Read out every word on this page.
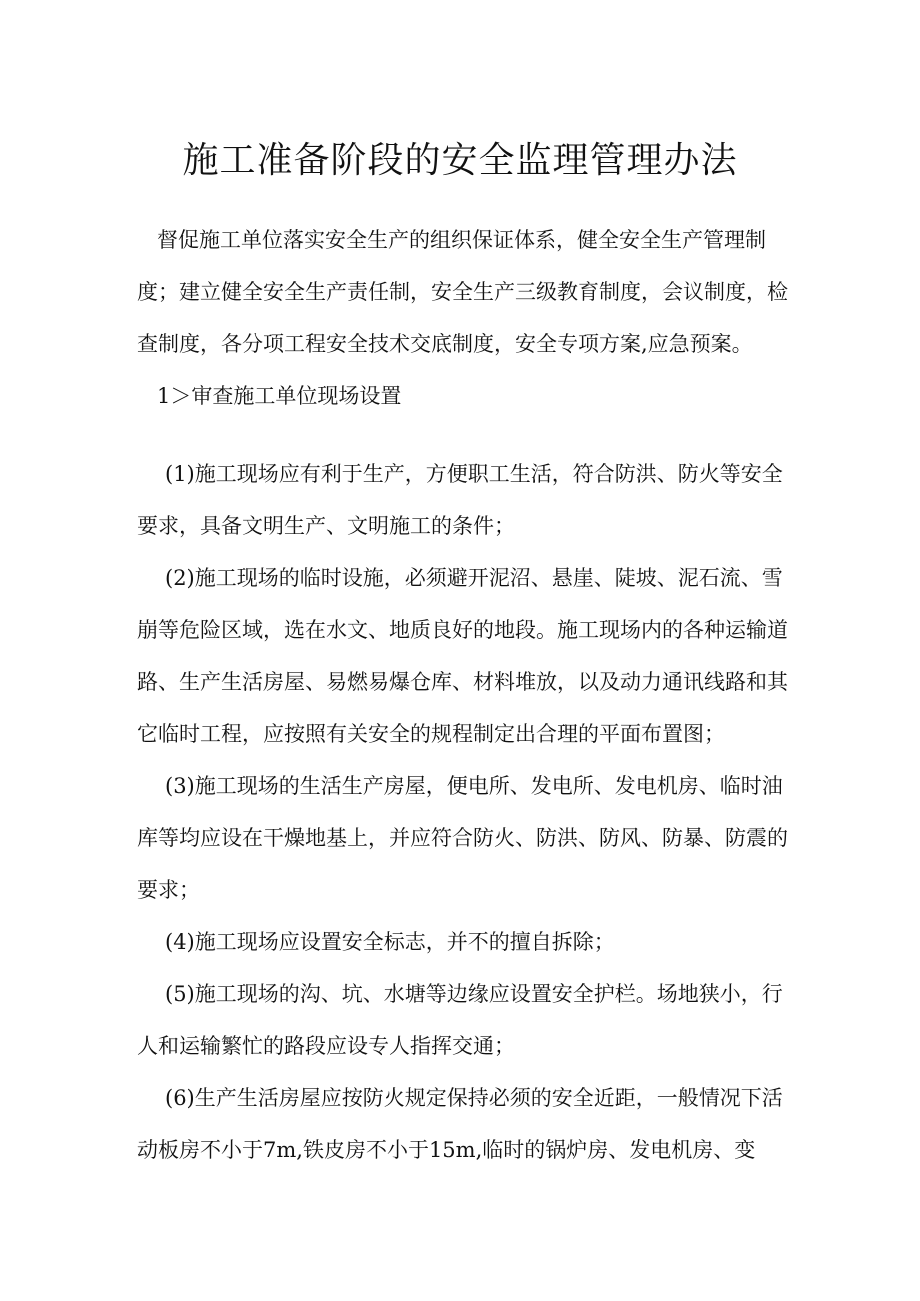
施工准备阶段的安全监理管理办法

督促施工单位落实安全生产的组织保证体系，健全安全生产管理制度；建立健全安全生产责任制，安全生产三级教育制度，会议制度，检查制度，各分项工程安全技术交底制度，安全专项方案,应急预案。

1＞审查施工单位现场设置

(1)施工现场应有利于生产，方便职工生活，符合防洪、防火等安全要求，具备文明生产、文明施工的条件；

(2)施工现场的临时设施，必须避开泥沼、悬崖、陡坡、泥石流、雪崩等危险区域，选在水文、地质良好的地段。施工现场内的各种运输道路、生产生活房屋、易燃易爆仓库、材料堆放，以及动力通讯线路和其它临时工程，应按照有关安全的规程制定出合理的平面布置图；

(3)施工现场的生活生产房屋，便电所、发电所、发电机房、临时油库等均应设在干燥地基上，并应符合防火、防洪、防风、防暴、防震的要求；

(4)施工现场应设置安全标志，并不的擅自拆除；

(5)施工现场的沟、坑、水塘等边缘应设置安全护栏。场地狭小，行人和运输繁忙的路段应设专人指挥交通；

(6)生产生活房屋应按防火规定保持必须的安全近距，一般情况下活动板房不小于7m,铁皮房不小于15m,临时的锅炉房、发电机房、变
